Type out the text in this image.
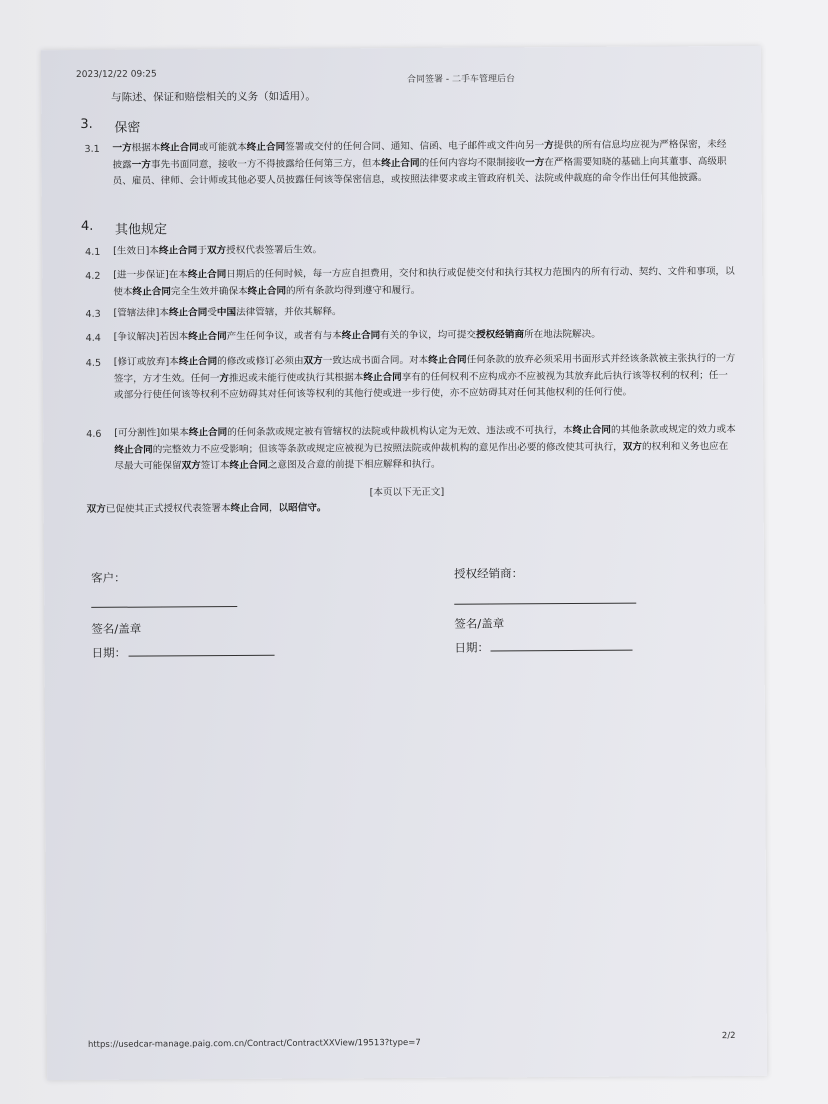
2023/12/22 09:25	合同签署 - 二手车管理后台
与陈述、保证和赔偿相关的义务（如适用）。
3. 保密
3.1 一方根据本终止合同或可能就本终止合同签署或交付的任何合同、通知、信函、电子邮件或文件向另一方提供的所有信息均应视为严格保密，未经披露一方事先书面同意，接收一方不得披露给任何第三方，但本终止合同的任何内容均不限制接收一方在严格需要知晓的基础上向其董事、高级职员、雇员、律师、会计师或其他必要人员披露任何该等保密信息，或按照法律要求或主管政府机关、法院或仲裁庭的命令作出任何其他披露。
4. 其他规定
4.1 [生效日]本终止合同于双方授权代表签署后生效。
4.2 [进一步保证]在本终止合同日期后的任何时候，每一方应自担费用，交付和执行或促使交付和执行其权力范围内的所有行动、契约、文件和事项，以使本终止合同完全生效并确保本终止合同的所有条款均得到遵守和履行。
4.3 [管辖法律]本终止合同受中国法律管辖，并依其解释。
4.4 [争议解决]若因本终止合同产生任何争议，或者有与本终止合同有关的争议，均可提交授权经销商所在地法院解决。
4.5 [修订或放弃]本终止合同的修改或修订必须由双方一致达成书面合同。对本终止合同任何条款的放弃必须采用书面形式并经该条款被主张执行的一方签字，方才生效。任何一方推迟或未能行使或执行其根据本终止合同享有的任何权利不应构成亦不应被视为其放弃此后执行该等权利的权利；任一或部分行使任何该等权利不应妨碍其对任何该等权利的其他行使或进一步行使，亦不应妨碍其对任何其他权利的任何行使。
4.6 [可分割性]如果本终止合同的任何条款或规定被有管辖权的法院或仲裁机构认定为无效、违法或不可执行，本终止合同的其他条款或规定的效力或本终止合同的完整效力不应受影响；但该等条款或规定应被视为已按照法院或仲裁机构的意见作出必要的修改使其可执行，双方的权利和义务也应在尽最大可能保留双方签订本终止合同之意图及合意的前提下相应解释和执行。
[本页以下无正文]
双方已促使其正式授权代表签署本终止合同，以昭信守。
客户：
签名/盖章
日期：
授权经销商：
签名/盖章
日期：
https://usedcar-manage.paig.com.cn/Contract/ContractXXView/19513?type=7
2/2
